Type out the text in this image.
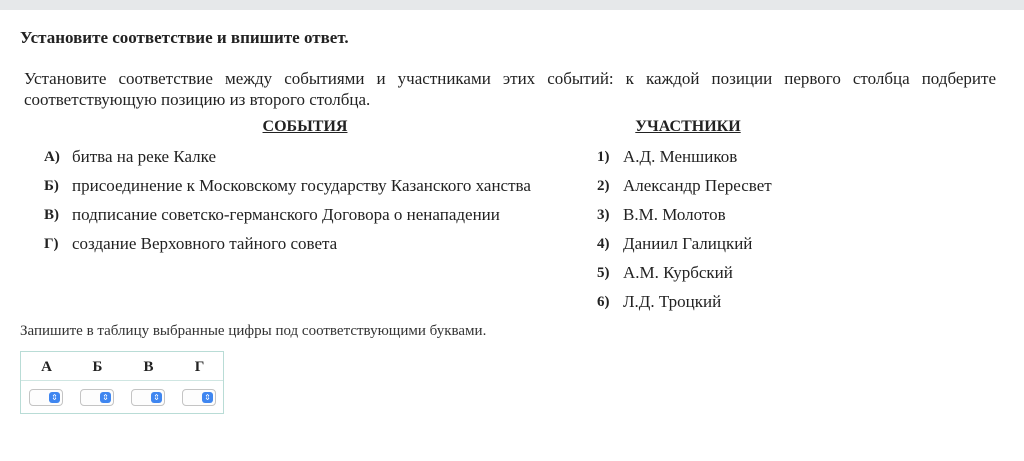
Установите соответствие и впишите ответ.
Установите соответствие между событиями и участниками этих событий: к каждой позиции первого столбца подберите соответствующую позицию из второго столбца.
СОБЫТИЯ	УЧАСТНИКИ
А) битва на реке Калке
Б) присоединение к Московскому государству Казанского ханства
В) подписание советско-германского Договора о ненападении
Г) создание Верховного тайного совета
1) А.Д. Меншиков
2) Александр Пересвет
3) В.М. Молотов
4) Даниил Галицкий
5) А.М. Курбский
6) Л.Д. Троцкий
Запишите в таблицу выбранные цифры под соответствующими буквами.
А	Б	В	Г
⇕	⇕	⇕	⇕
